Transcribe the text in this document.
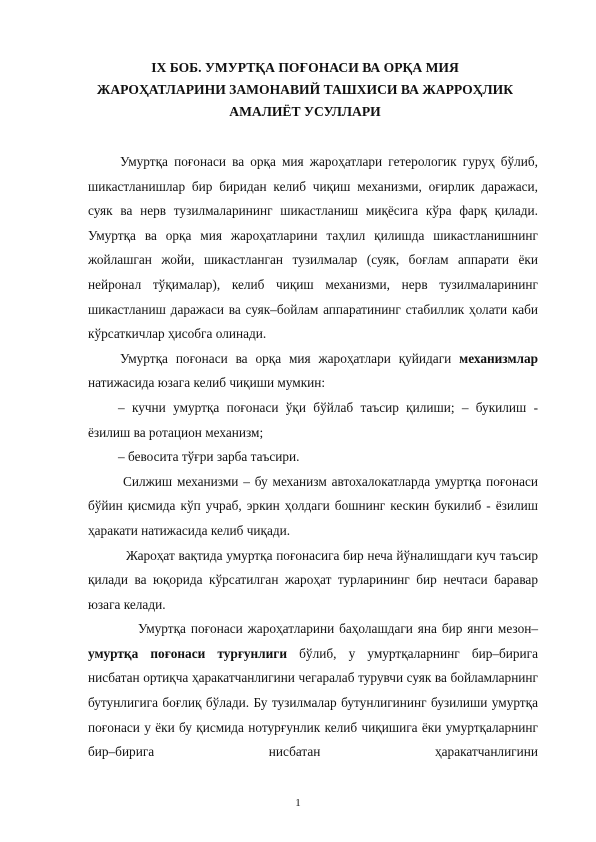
IX БОБ. УМУРТҚА ПОҒОНАСИ ВА ОРҚА МИЯ
ЖАРОҲАТЛАРИНИ ЗАМОНАВИЙ ТАШХИСИ ВА ЖАРРОҲЛИК
АМАЛИЁТ УСУЛЛАРИ

Умуртқа поғонаси ва орқа мия жароҳатлари гетерологик гуруҳ бўлиб, шикастланишлар бир биридан келиб чиқиш механизми, оғирлик даражаси, суяк ва нерв тузилмаларининг шикастланиш миқёсига кўра фарқ қилади. Умуртқа ва орқа мия жароҳатларини таҳлил қилишда шикастланишнинг жойлашган жойи, шикастланган тузилмалар (суяк, боғлам аппарати ёки нейронал тўқималар), келиб чиқиш механизми, нерв тузилмаларининг шикастланиш даражаси ва суяк–бойлам аппаратининг стабиллик ҳолати каби кўрсаткичлар ҳисобга олинади.

Умуртқа поғонаси ва орқа мия жароҳатлари қуйидаги механизмлар натижасида юзага келиб чиқиши мумкин:

– кучни умуртқа поғонаси ўқи бўйлаб таъсир қилиши; – букилиш - ёзилиш ва ротацион механизм;

– бевосита тўғри зарба таъсири.

Силжиш механизми – бу механизм автохалокатларда умуртқа поғонаси бўйин қисмида кўп учраб, эркин ҳолдаги бошнинг кескин букилиб - ёзилиш ҳаракати натижасида келиб чиқади.

Жароҳат вақтида умуртқа поғонасига бир неча йўналишдаги куч таъсир қилади ва юқорида кўрсатилган жароҳат турларининг бир нечтаси баравар юзага келади.

Умуртқа поғонаси жароҳатларини баҳолашдаги яна бир янги мезон–умуртқа поғонаси турғунлиги бўлиб, у умуртқаларнинг бир–бирига нисбатан ортиқча ҳаракатчанлигини чегаралаб турувчи суяк ва бойламларнинг бутунлигига боғлиқ бўлади. Бу тузилмалар бутунлигининг бузилиши умуртқа поғонаси у ёки бу қисмида нотурғунлик келиб чиқишига ёки умуртқаларнинг бир–бирига нисбатан ҳаракатчанлигини

1
